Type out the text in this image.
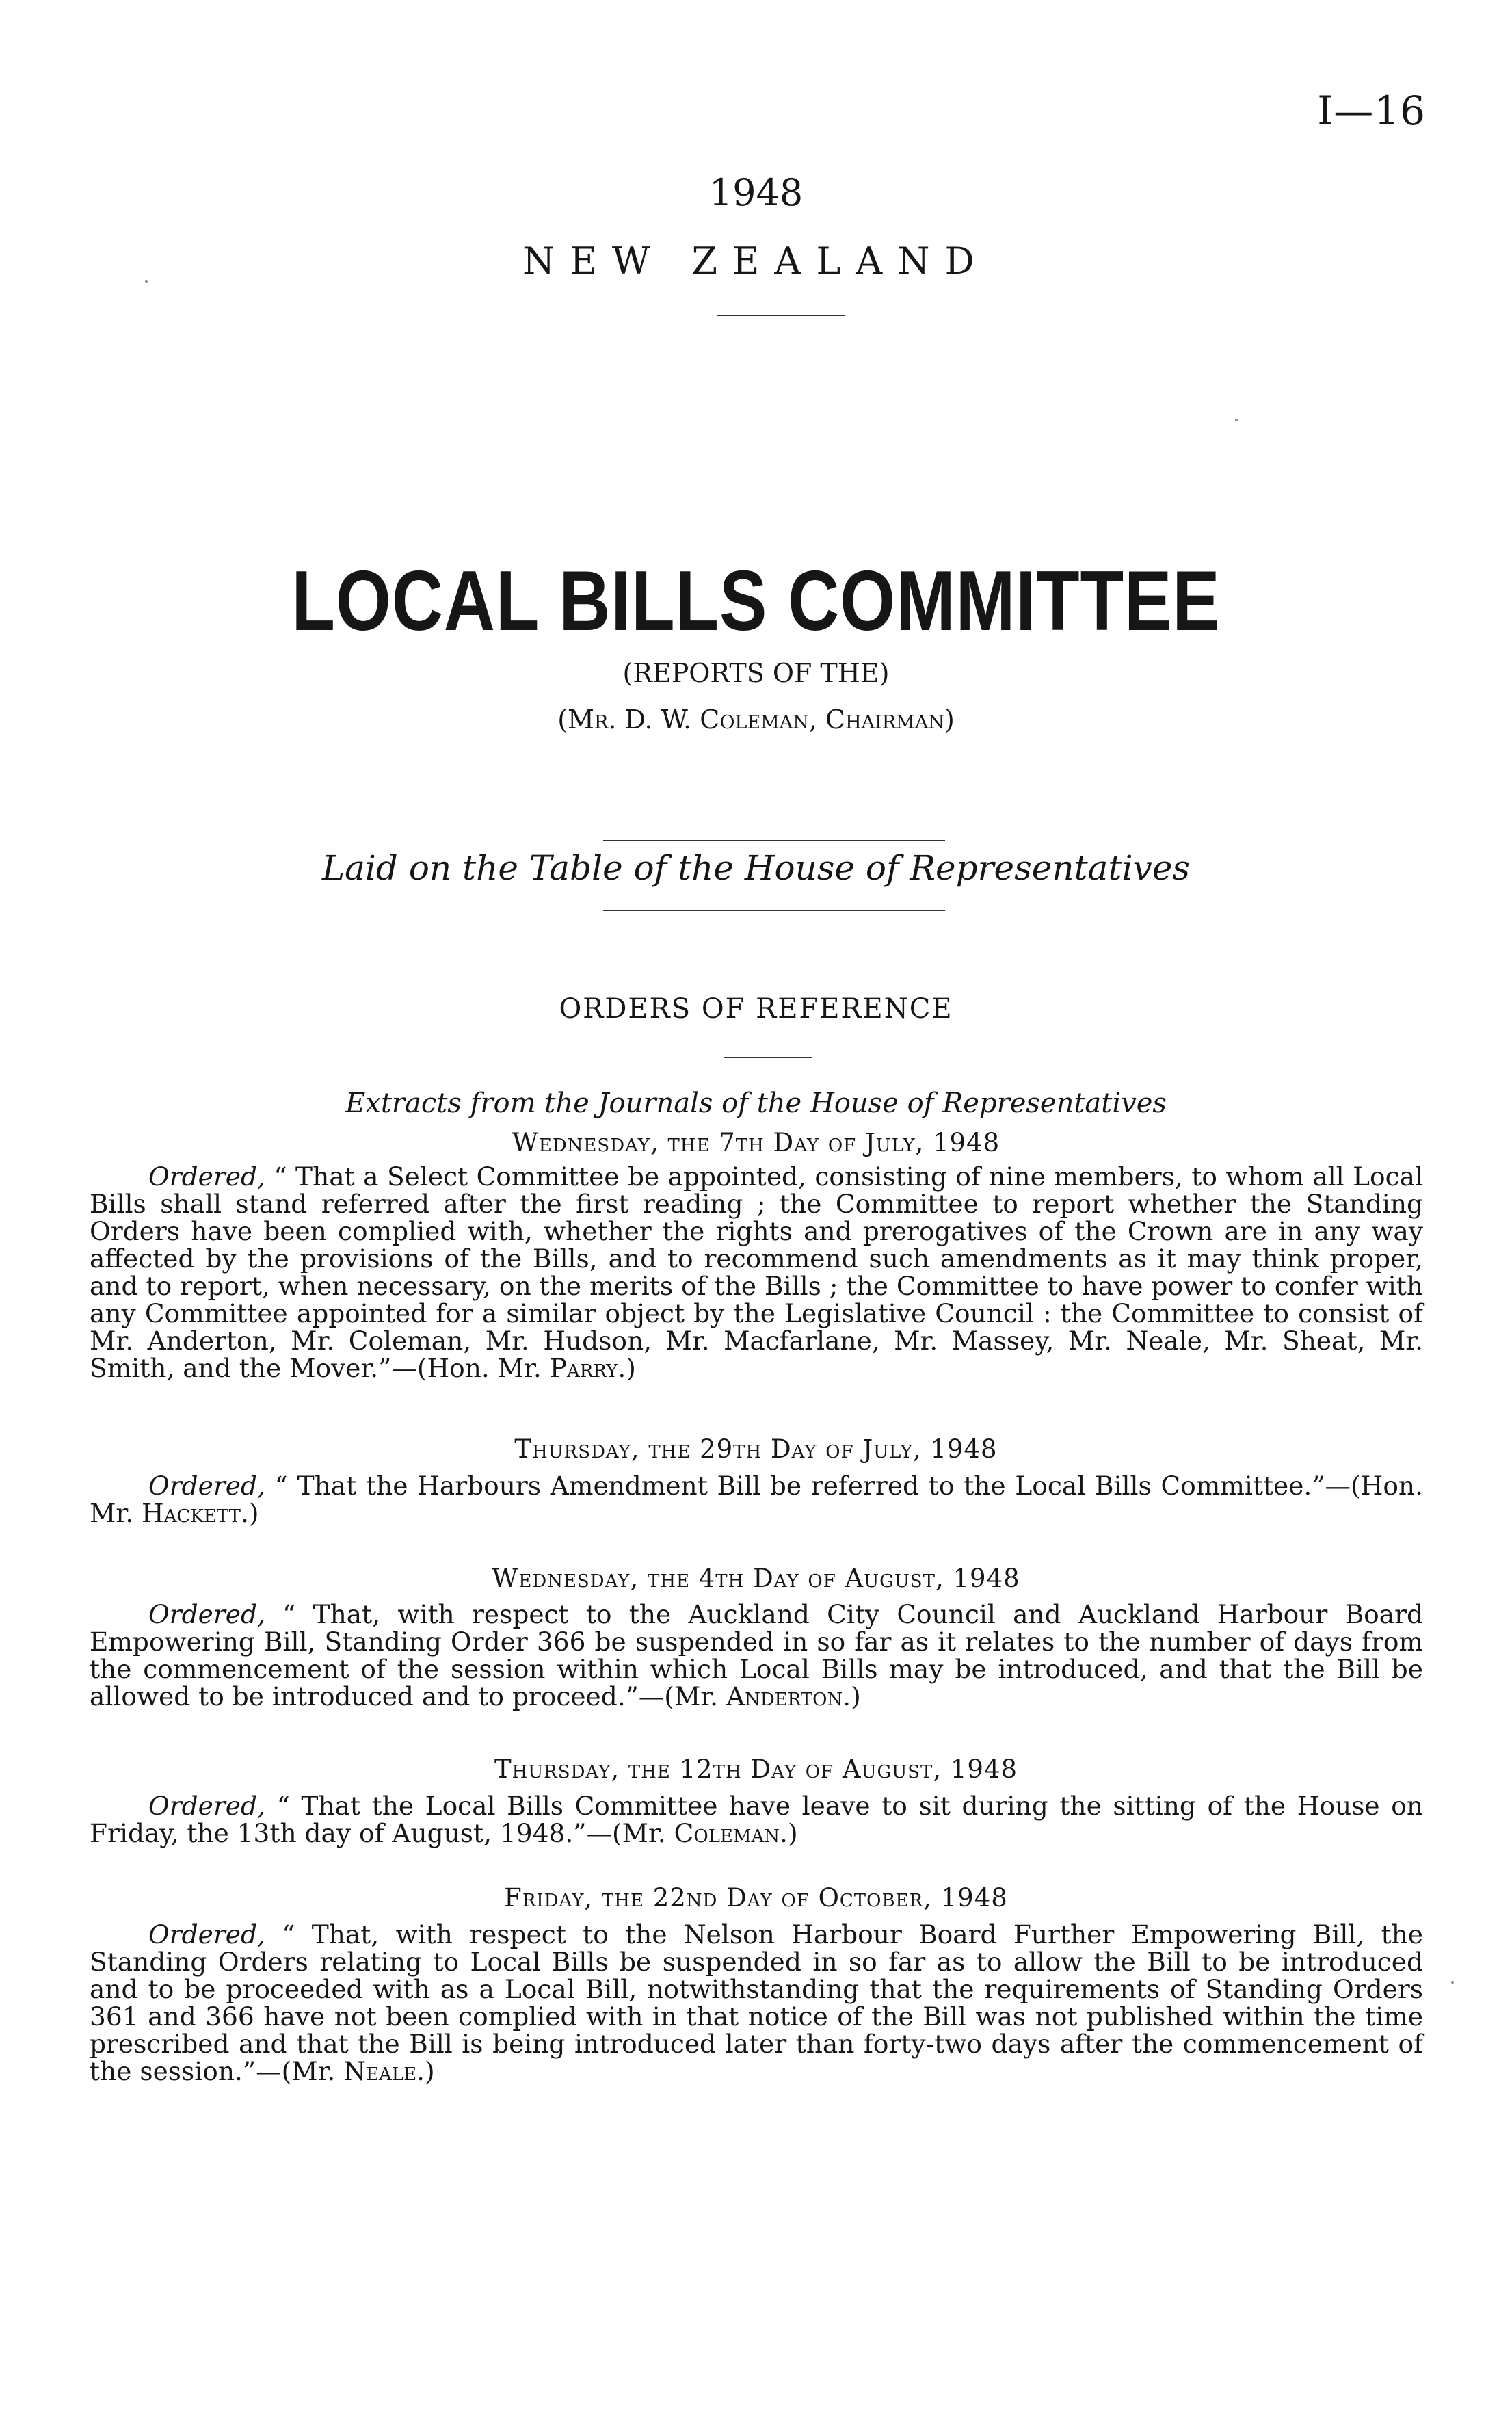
I—16
1948
NEW ZEALAND
LOCAL BILLS COMMITTEE
(REPORTS OF THE)
(Mr. D. W. Coleman, Chairman)
Laid on the Table of the House of Representatives
ORDERS OF REFERENCE
Extracts from the Journals of the House of Representatives
Wednesday, the 7th Day of July, 1948
Ordered, “ That a Select Committee be appointed, consisting of nine members, to whom all Local Bills shall stand referred after the first reading ; the Committee to report whether the Standing Orders have been complied with, whether the rights and prerogatives of the Crown are in any way affected by the provisions of the Bills, and to recommend such amendments as it may think proper, and to report, when necessary, on the merits of the Bills ; the Committee to have power to confer with any Committee appointed for a similar object by the Legislative Council : the Committee to consist of Mr. Anderton, Mr. Coleman, Mr. Hudson, Mr. Macfarlane, Mr. Massey, Mr. Neale, Mr. Sheat, Mr. Smith, and the Mover.”—(Hon. Mr. Parry.)
Thursday, the 29th Day of July, 1948
Ordered, “ That the Harbours Amendment Bill be referred to the Local Bills Committee.”—(Hon. Mr. Hackett.)
Wednesday, the 4th Day of August, 1948
Ordered, “ That, with respect to the Auckland City Council and Auckland Harbour Board Empowering Bill, Standing Order 366 be suspended in so far as it relates to the number of days from the commencement of the session within which Local Bills may be introduced, and that the Bill be allowed to be introduced and to proceed.”—(Mr. Anderton.)
Thursday, the 12th Day of August, 1948
Ordered, “ That the Local Bills Committee have leave to sit during the sitting of the House on Friday, the 13th day of August, 1948.”—(Mr. Coleman.)
Friday, the 22nd Day of October, 1948
Ordered, “ That, with respect to the Nelson Harbour Board Further Empowering Bill, the Standing Orders relating to Local Bills be suspended in so far as to allow the Bill to be introduced and to be proceeded with as a Local Bill, notwithstanding that the requirements of Standing Orders 361 and 366 have not been complied with in that notice of the Bill was not published within the time prescribed and that the Bill is being introduced later than forty-two days after the commencement of the session.”—(Mr. Neale.)
